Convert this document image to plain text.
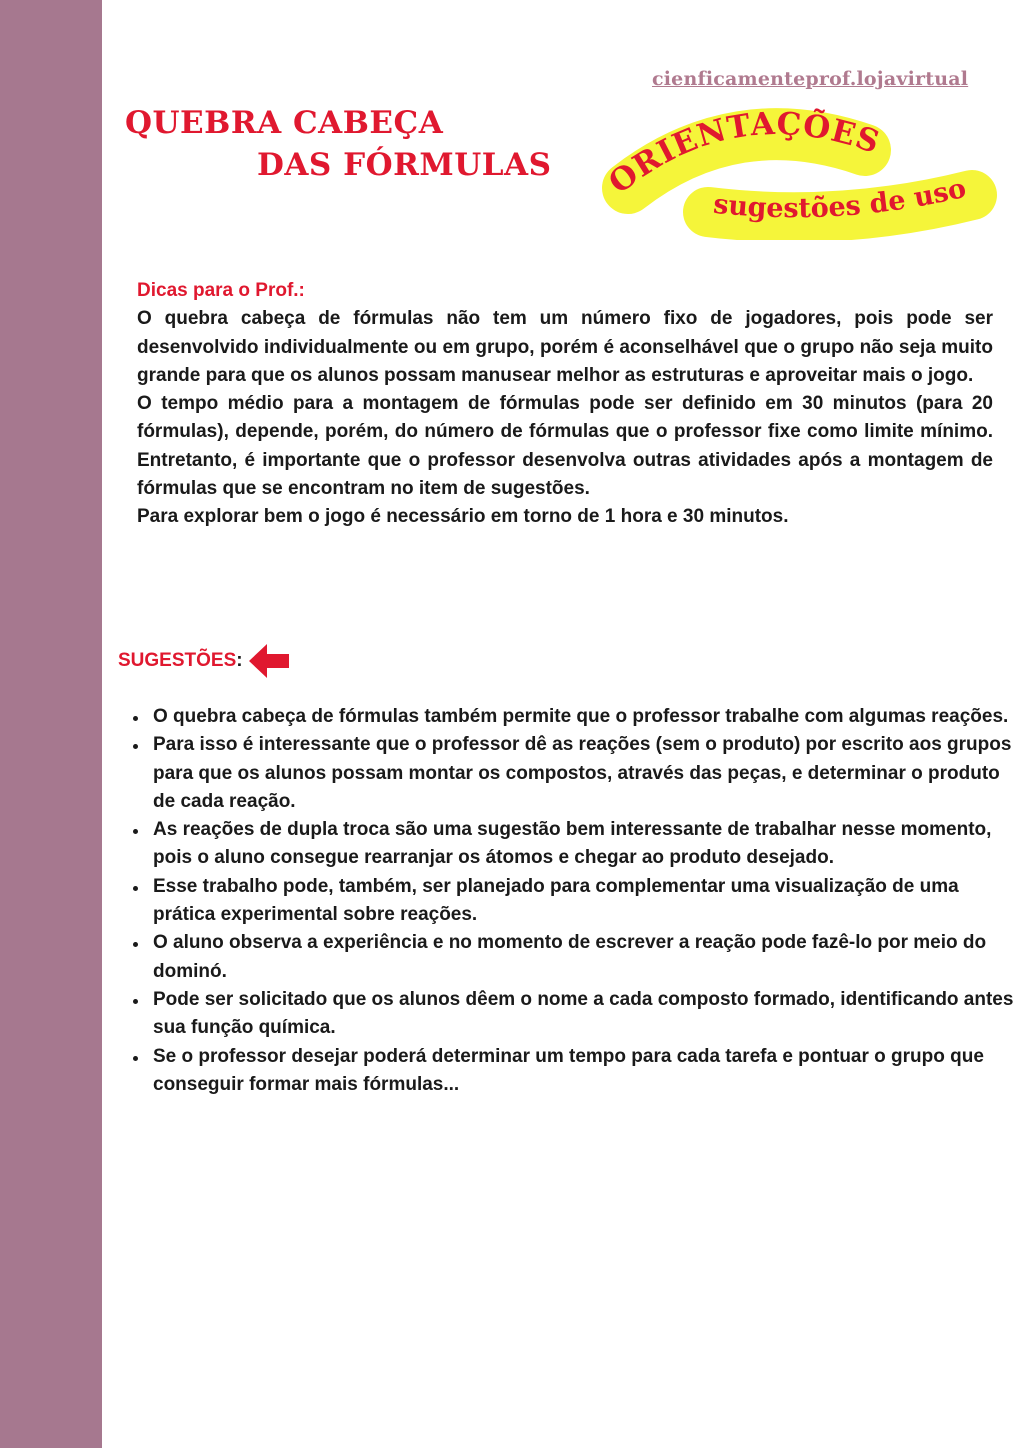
cienficamenteprof.lojavirtual
QUEBRA CABEÇA
DAS FÓRMULAS ORIENTAÇÕES
sugestões de uso

Dicas para o Prof.:

O quebra cabeça de fórmulas não tem um número fixo de jogadores, pois pode ser desenvolvido individualmente ou em grupo, porém é aconselhável que o grupo não seja muito grande para que os alunos possam manusear melhor as estruturas e aproveitar mais o jogo.

O tempo médio para a montagem de fórmulas pode ser definido em 30 minutos (para 20 fórmulas), depende, porém, do número de fórmulas que o professor fixe como limite mínimo. Entretanto, é importante que o professor desenvolva outras atividades após a montagem de fórmulas que se encontram no item de sugestões.

Para explorar bem o jogo é necessário em torno de 1 hora e 30 minutos.

SUGESTÕES:
O quebra cabeça de fórmulas também permite que o professor trabalhe com algumas reações.
Para isso é interessante que o professor dê as reações (sem o produto) por escrito aos grupos para que os alunos possam montar os compostos, através das peças, e determinar o produto de cada reação.
As reações de dupla troca são uma sugestão bem interessante de trabalhar nesse momento, pois o aluno consegue rearranjar os átomos e chegar ao produto desejado.
Esse trabalho pode, também, ser planejado para complementar uma visualização de uma prática experimental sobre reações.
O aluno observa a experiência e no momento de escrever a reação pode fazê-lo por meio do dominó.
Pode ser solicitado que os alunos dêem o nome a cada composto formado, identificando antes sua função química.
Se o professor desejar poderá determinar um tempo para cada tarefa e pontuar o grupo que conseguir formar mais fórmulas...
